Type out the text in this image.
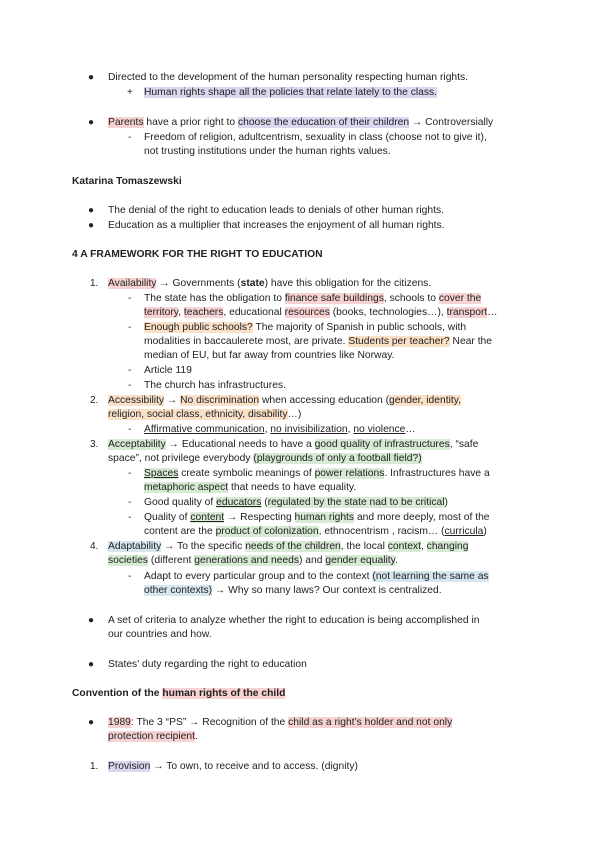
● Directed to the development of the human personality respecting human rights.
+ Human rights shape all the policies that relate lately to the class.
● Parents have a prior right to choose the education of their children → Controversially
- Freedom of religion, adultcentrism, sexuality in class (choose not to give it),
not trusting institutions under the human rights values.
Katarina Tomaszewski
● The denial of the right to education leads to denials of other human rights.
● Education as a multiplier that increases the enjoyment of all human rights.
4 A FRAMEWORK FOR THE RIGHT TO EDUCATION
1. Availability → Governments (state) have this obligation for the citizens.
- The state has the obligation to finance safe buildings, schools to cover the
territory, teachers, educational resources (books, technologies…), transport…
- Enough public schools? The majority of Spanish in public schools, with
modalities in baccaulerete most, are private. Students per teacher? Near the
median of EU, but far away from countries like Norway.
- Article 119
- The church has infrastructures.
2. Accessibility → No discrimination when accessing education (gender, identity,
religion, social class, ethnicity, disability…)
- Affirmative communication, no invisibilization, no violence…
3. Acceptability → Educational needs to have a good quality of infrastructures, “safe
space”, not privilege everybody (playgrounds of only a football field?)
- Spaces create symbolic meanings of power relations. Infrastructures have a
metaphoric aspect that needs to have equality.
- Good quality of educators (regulated by the state nad to be critical)
- Quality of content → Respecting human rights and more deeply, most of the
content are the product of colonization, ethnocentrism , racism… (curricula)
4. Adaptability → To the specific needs of the children, the local context, changing
societies (different generations and needs) and gender equality.
- Adapt to every particular group and to the context (not learning the same as
other contexts) → Why so many laws? Our context is centralized.
● A set of criteria to analyze whether the right to education is being accomplished in
our countries and how.
● States' duty regarding the right to education
Convention of the human rights of the child
● 1989: The 3 “PS” → Recognition of the child as a right’s holder and not only
protection recipient.
1. Provision → To own, to receive and to access. (dignity)
